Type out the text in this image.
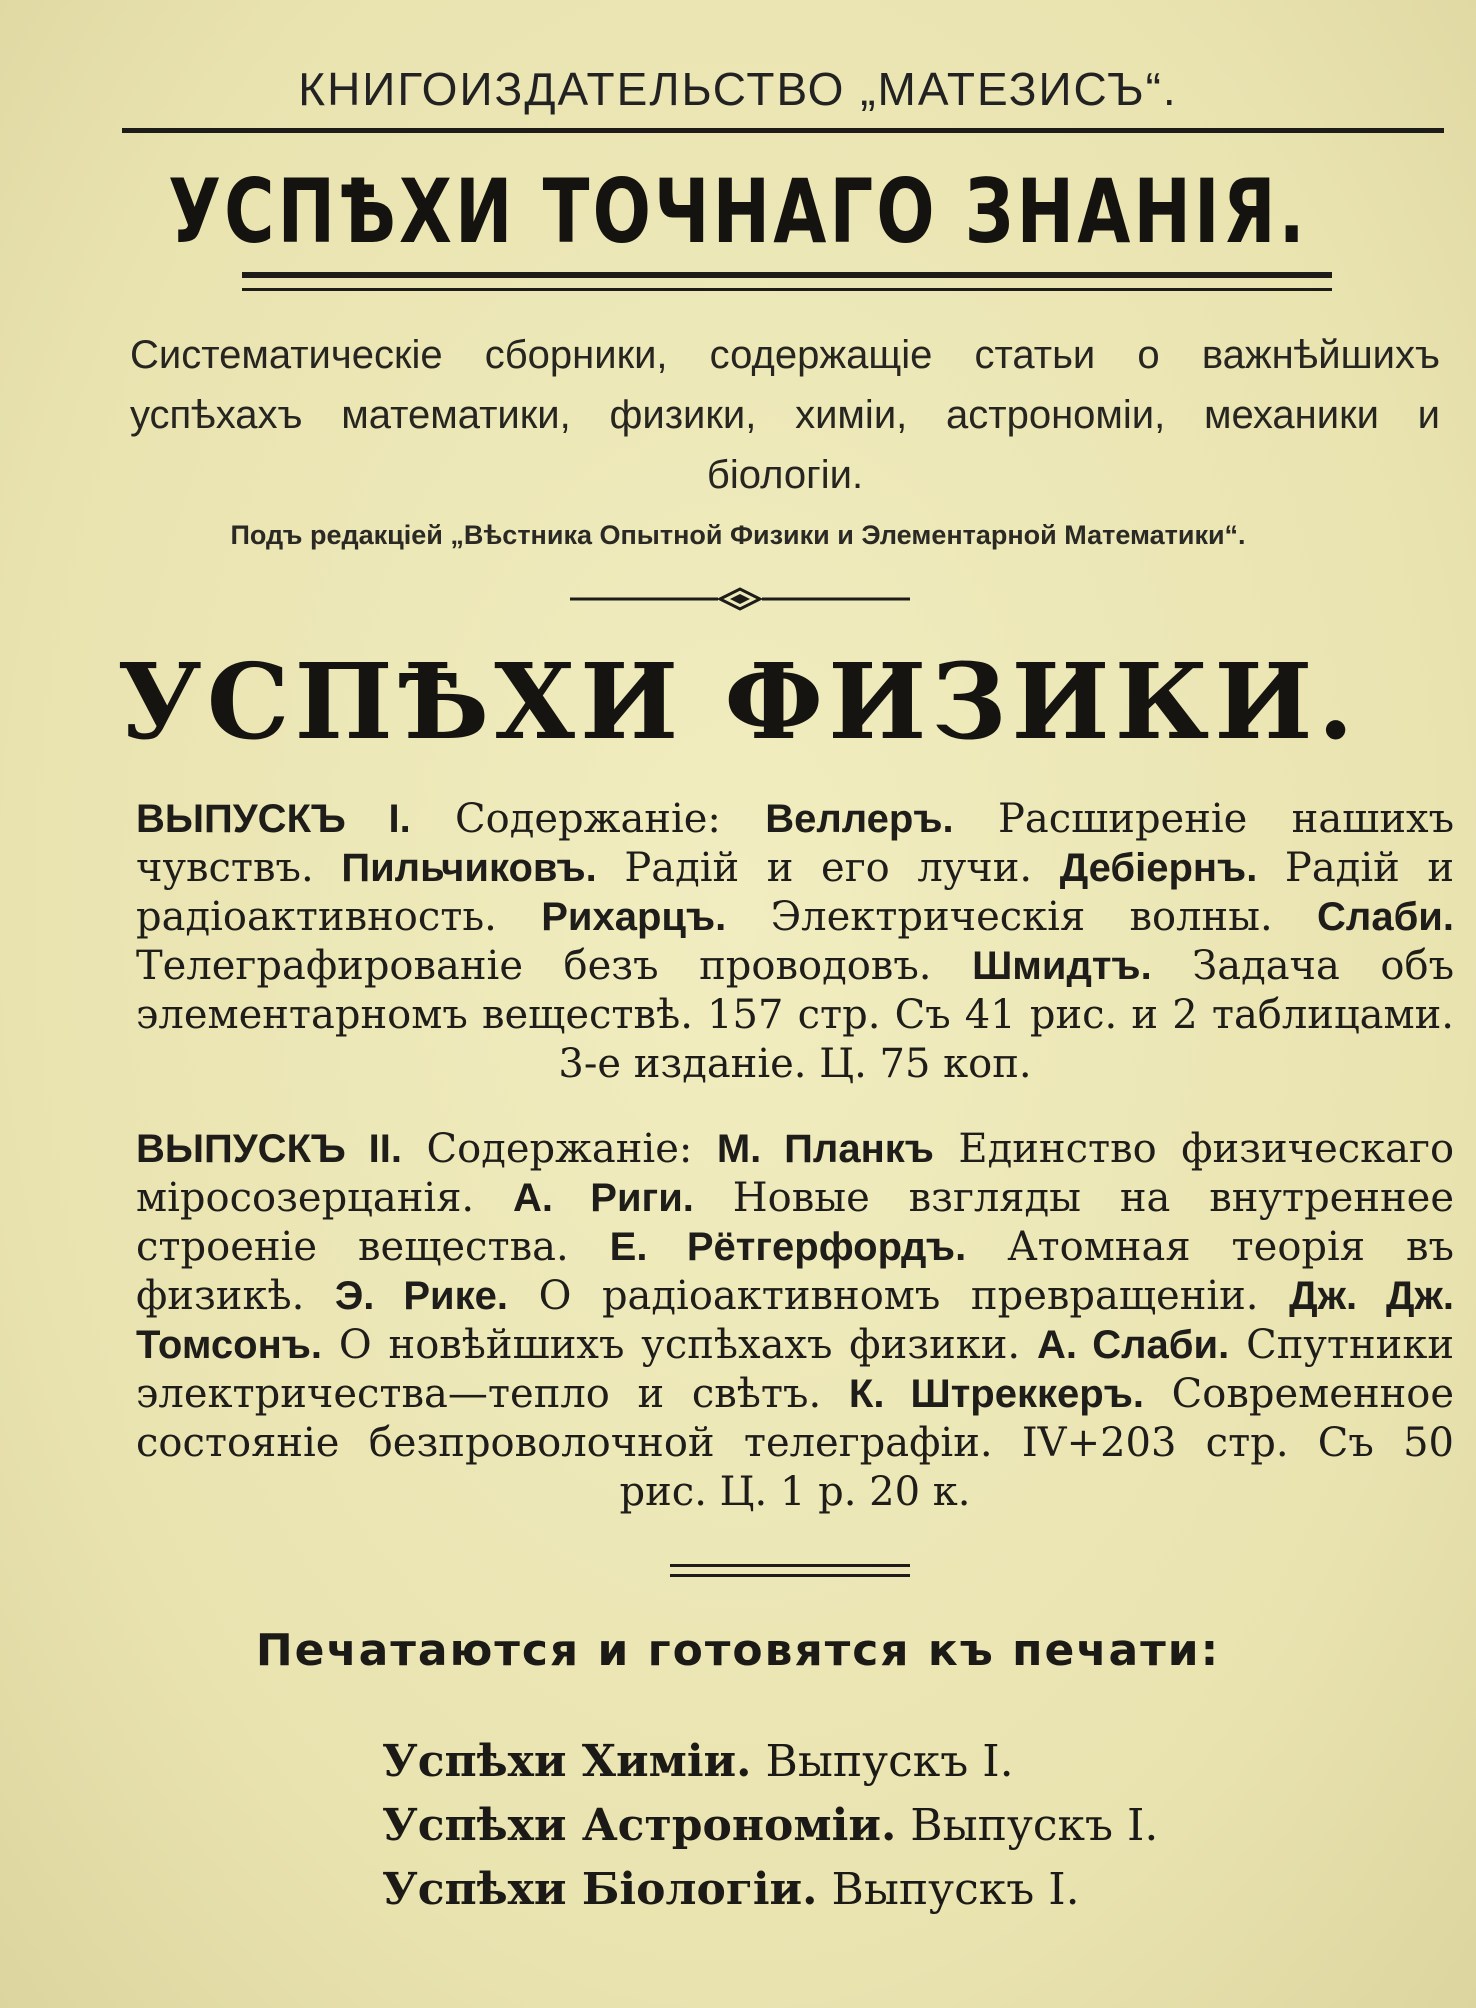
КНИГОИЗДАТЕЛЬСТВО „МАТЕЗИСЪ“.
УСПѢХИ ТОЧНАГО ЗНАНІЯ.
Систематическіе сборники, содержащіе статьи о важнѣйшихъ успѣхахъ математики, физики, химіи, астрономіи, механики и біологіи.
Подъ редакціей „Вѣстника Опытной Физики и Элементарной Математики“.
УСПѢХИ ФИЗИКИ.
ВЫПУСКЪ I. Содержаніе: Веллеръ. Расширеніе нашихъ чувствъ. Пильчиковъ. Радій и его лучи. Дебіернъ. Радій и радіоактивность. Рихарцъ. Электрическія волны. Слаби. Телеграфированіе безъ проводовъ. Шмидтъ. Задача объ элементарномъ веществѣ. 157 стр. Съ 41 рис. и 2 таблицами. 3-е изданіе. Ц. 75 коп.
ВЫПУСКЪ II. Содержаніе: М. Планкъ Единство физическаго міросозерцанія. А. Риги. Новые взгляды на внутреннее строеніе вещества. Е. Рётгерфордъ. Атомная теорія въ физикѣ. Э. Рике. О радіоактивномъ превращеніи. Дж. Дж. Томсонъ. О новѣйшихъ успѣхахъ физики. А. Слаби. Спутники электричества—тепло и свѣтъ. К. Штреккеръ. Современное состояніе безпроволочной телеграфіи. IV+203 стр. Съ 50 рис. Ц. 1 р. 20 к.
Печатаются и готовятся къ печати:
Успѣхи Химіи. Выпускъ I.
Успѣхи Астрономіи. Выпускъ I.
Успѣхи Біологіи. Выпускъ I.
